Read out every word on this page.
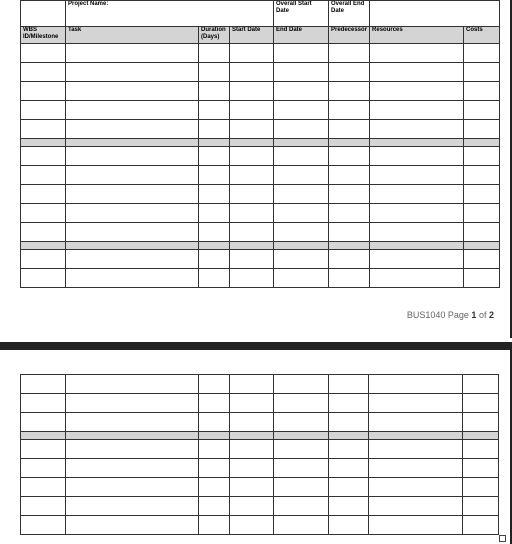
	Project Name:			Overall Start Date	Overall End Date		
WBS ID/Milestone	Task	Duration (Days)	Start Date	End Date	Predecessor	Resources	Costs

BUS1040 Page 1 of 2
